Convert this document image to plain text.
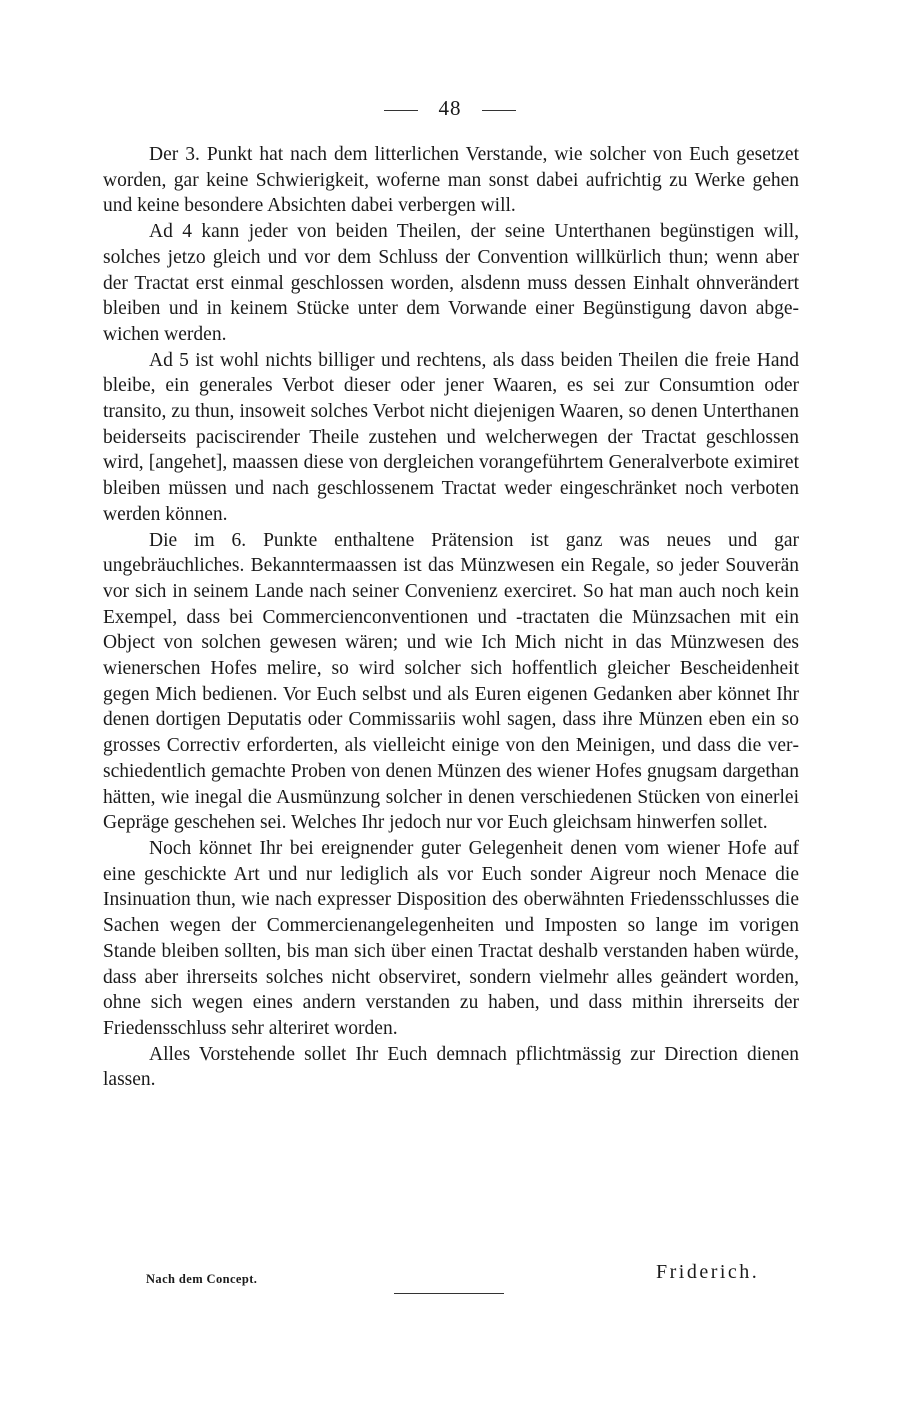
48

Der 3. Punkt hat nach dem litterlichen Verstande, wie solcher von Euch gesetzet worden, gar keine Schwierigkeit, woferne man sonst dabei aufrichtig zu Werke gehen und keine besondere Absichten dabei verbergen will.

Ad 4 kann jeder von beiden Theilen, der seine Unterthanen begünstigen will, solches jetzo gleich und vor dem Schluss der Convention willkürlich thun; wenn aber der Tractat erst einmal geschlossen worden, alsdenn muss dessen Einhalt ohnverändert bleiben und in keinem Stücke unter dem Vorwande einer Begünstigung davon abgewichen werden.

Ad 5 ist wohl nichts billiger und rechtens, als dass beiden Theilen die freie Hand bleibe, ein generales Verbot dieser oder jener Waaren, es sei zur Consumtion oder transito, zu thun, insoweit solches Verbot nicht diejenigen Waaren, so denen Unterthanen beiderseits paciscirender Theile zustehen und welcherwegen der Tractat geschlossen wird, [angehet], maassen diese von dergleichen vorangeführtem Generalverbote eximiret bleiben müssen und nach geschlossenem Tractat weder eingeschränket noch verboten werden können.

Die im 6. Punkte enthaltene Prätension ist ganz was neues und gar ungebräuchliches. Bekanntermaassen ist das Münzwesen ein Regale, so jeder Souverän vor sich in seinem Lande nach seiner Convenienz exerciret. So hat man auch noch kein Exempel, dass bei Commercienconventionen und -tractaten die Münzsachen mit ein Object von solchen gewesen wären; und wie Ich Mich nicht in das Münzwesen des wienerschen Hofes melire, so wird solcher sich hoffentlich gleicher Bescheidenheit gegen Mich bedienen. Vor Euch selbst und als Euren eigenen Gedanken aber könnet Ihr denen dortigen Deputatis oder Commissariis wohl sagen, dass ihre Münzen eben ein so grosses Correctiv erforderten, als vielleicht einige von den Meinigen, und dass die verschiedentlich gemachte Proben von denen Münzen des wiener Hofes gnugsam dargethan hätten, wie inegal die Ausmünzung solcher in denen verschiedenen Stücken von einerlei Gepräge geschehen sei. Welches Ihr jedoch nur vor Euch gleichsam hinwerfen sollet.

Noch könnet Ihr bei ereignender guter Gelegenheit denen vom wiener Hofe auf eine geschickte Art und nur lediglich als vor Euch sonder Aigreur noch Menace die Insinuation thun, wie nach expresser Disposition des oberwähnten Friedensschlusses die Sachen wegen der Commercienangelegenheiten und Imposten so lange im vorigen Stande bleiben sollten, bis man sich über einen Tractat deshalb verstanden haben würde, dass aber ihrerseits solches nicht observiret, sondern vielmehr alles geändert worden, ohne sich wegen eines andern verstanden zu haben, und dass mithin ihrerseits der Friedensschluss sehr alteriret worden.

Alles Vorstehende sollet Ihr Euch demnach pflichtmässig zur Direction dienen lassen.

Nach dem Concept.	Friderich.
